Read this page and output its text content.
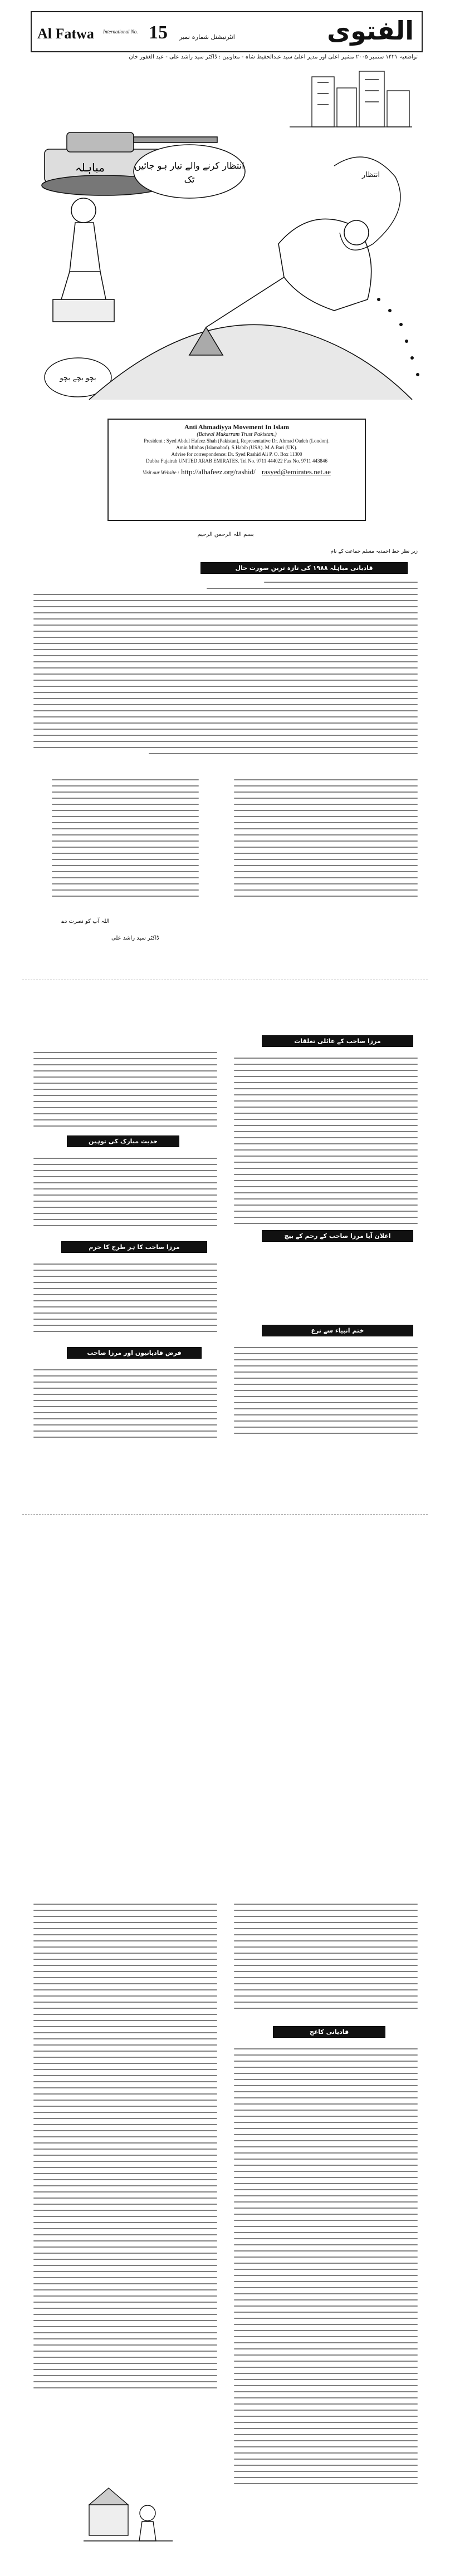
Al Fatwa International No. 15 انٹرنیشنل شمارہ نمبر	الفتوی
تواضعیہ ۱۴۲۱ ستمبر ۲۰۰۵ مشیر اعلیٰ اور مدیر اعلیٰ سید عبدالحفیظ شاہ - معاونین : ڈاکٹر سید راشد علی - عبد الغفور خان
مباہلہ	انتظار کرنے والے تیار ہو جائیں
ٹک
بچو بچے بچو
انتظار
Anti Ahmadiyya Movement In Islam
(Batwal Mukarram Trust Pakistan.)
President : Syed Abdul Hafeez Shah (Pakistan), Representative Dr. Ahmad Oadeh (London).
Amin Minhas (Islamabad). S.Habib (USA). M.A.Bari (UK).
Advise for correspondence: Dr. Syed Rashid Ali P. O. Box 11300
Dubba Fujairah UNITED ARAB EMIRATES. Tel No. 9711 444022 Fax No. 9711 443846
Visit our Website : http://alhafeez.org/rashid/ rasyed@emirates.net.ae
بسم اللہ الرحمن الرحیم
زیر نظر خط احمدیہ مسلم جماعت کے نام
قادیانی مباہلہ ۱۹۸۸ کی تازہ ترین صورت حال
اللہ آپ کو نصرت دے
ڈاکٹر سید راشد علی
مرزا صاحب کے عائلی تعلقات
حدیث مبارک کی توہین
مرزا صاحب کا ہر طرح کا جرم
اعلان آیا مرزا صاحب کے رحم کے بیچ
ختم انبیاء سے نزع
فرض قادیانیوں اور مرزا صاحب
قادیانی کاعج
